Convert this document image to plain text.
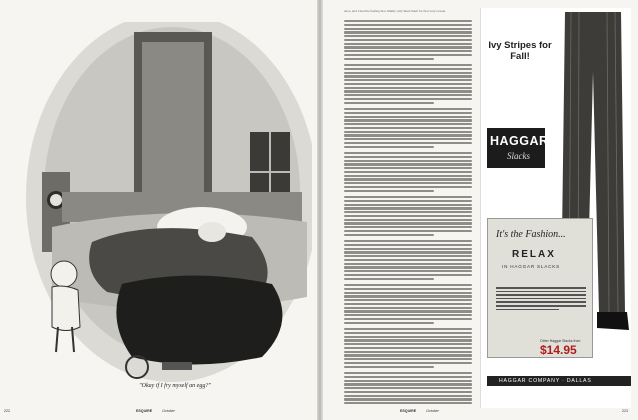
"Okay if I fry myself an egg?"
222	ESQUIRE	October
ance, and I had the feeling that Jimmy only liked them for that very reason.
ESQUIRE	October	223
Ivy Stripes for Fall!
HAGGAR
Slacks
It's the Fashion...
RELAX
IN HAGGAR SLACKS
Other Haggar Slacks from
$14.95
HAGGAR COMPANY · DALLAS
